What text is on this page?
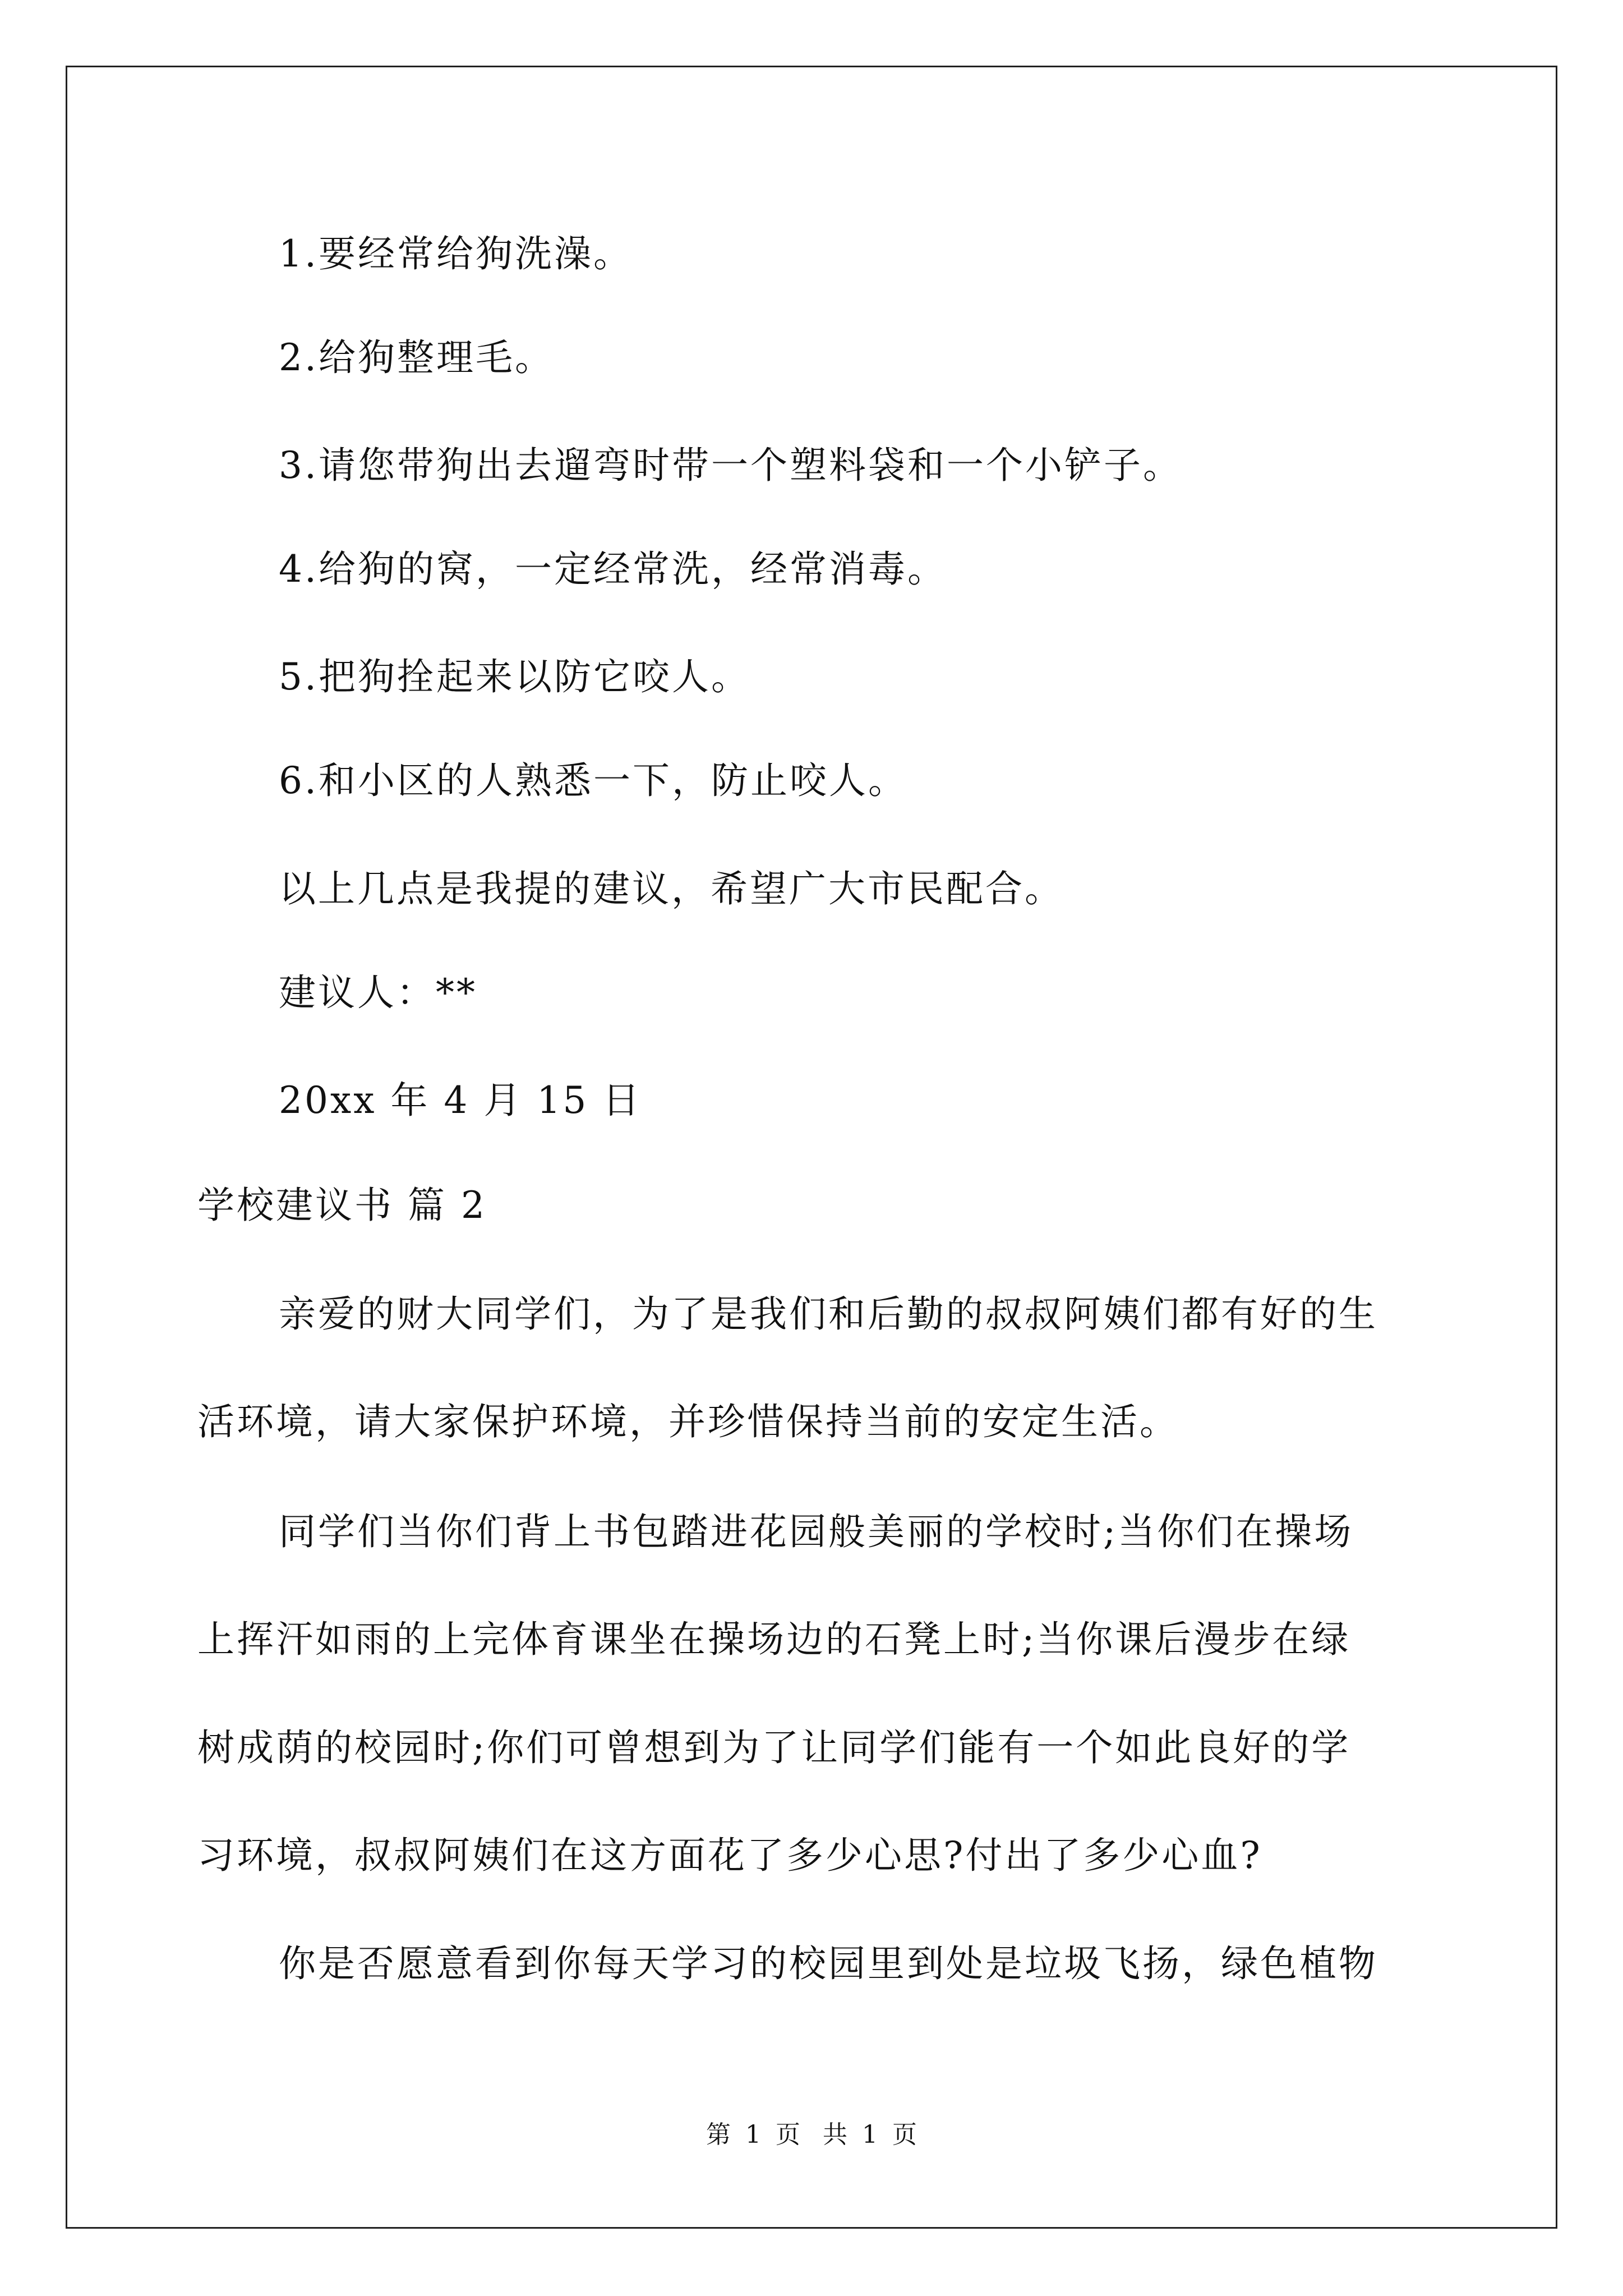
1.要经常给狗洗澡。
2.给狗整理毛。
3.请您带狗出去遛弯时带一个塑料袋和一个小铲子。
4.给狗的窝，一定经常洗，经常消毒。
5.把狗拴起来以防它咬人。
6.和小区的人熟悉一下，防止咬人。
以上几点是我提的建议，希望广大市民配合。
建议人：**
20xx 年 4 月 15 日
学校建议书 篇 2
亲爱的财大同学们，为了是我们和后勤的叔叔阿姨们都有好的生
活环境，请大家保护环境，并珍惜保持当前的安定生活。
同学们当你们背上书包踏进花园般美丽的学校时;当你们在操场
上挥汗如雨的上完体育课坐在操场边的石凳上时;当你课后漫步在绿
树成荫的校园时;你们可曾想到为了让同学们能有一个如此良好的学
习环境，叔叔阿姨们在这方面花了多少心思?付出了多少心血?
你是否愿意看到你每天学习的校园里到处是垃圾飞扬，绿色植物
第 1 页 共 1 页
